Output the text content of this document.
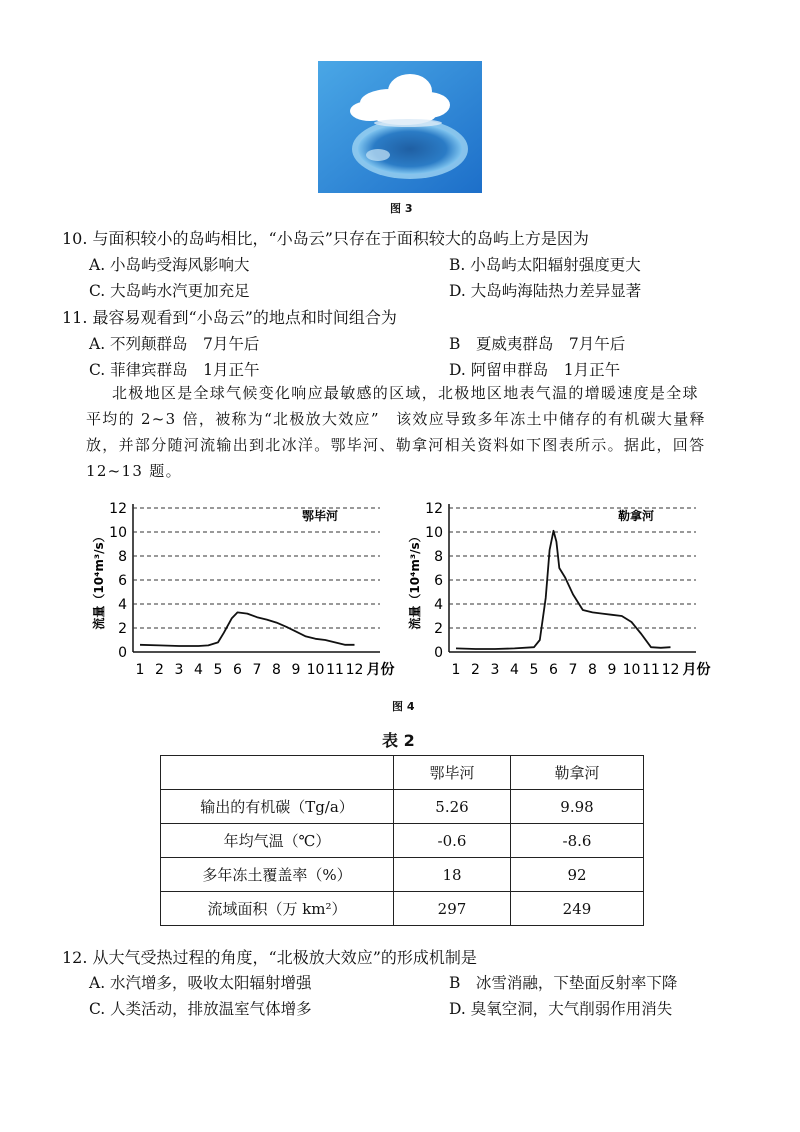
图 3
10. 与面积较小的岛屿相比，“小岛云”只存在于面积较大的岛屿上方是因为
A. 小岛屿受海风影响大	B. 小岛屿太阳辐射强度更大
C. 大岛屿水汽更加充足	D. 大岛屿海陆热力差异显著
11. 最容易观看到“小岛云”的地点和时间组合为
A. 不列颠群岛　7月午后	B　夏威夷群岛　7月午后
C. 菲律宾群岛　1月正午	D. 阿留申群岛　1月正午
北极地区是全球气候变化响应最敏感的区域，北极地区地表气温的增暖速度是全球
平均的 2~3 倍，被称为“北极放大效应”　该效应导致多年冻土中储存的有机碳大量释
放，并部分随河流输出到北冰洋。鄂毕河、勒拿河相关资料如下图表所示。据此，回答
12~13 题。
0
2
4
6
8
10
12
1 2 3 4 5 6 7 8 9 10 11 12 月份
流量（10⁴m³/s）
鄂毕河
0
2
4
6
8
10
12
1 2 3 4 5 6 7 8 9 10 11 12 月份
流量（10⁴m³/s）
勒拿河
图 4
表 2
	鄂毕河	勒拿河
输出的有机碳（Tg/a）	5.26	9.98
年均气温（℃）	-0.6	-8.6
多年冻土覆盖率（%）	18	92
流域面积（万 km²）	297	249
12. 从大气受热过程的角度，“北极放大效应”的形成机制是
A. 水汽增多，吸收太阳辐射增强	B　冰雪消融，下垫面反射率下降
C. 人类活动，排放温室气体增多	D. 臭氧空洞，大气削弱作用消失
